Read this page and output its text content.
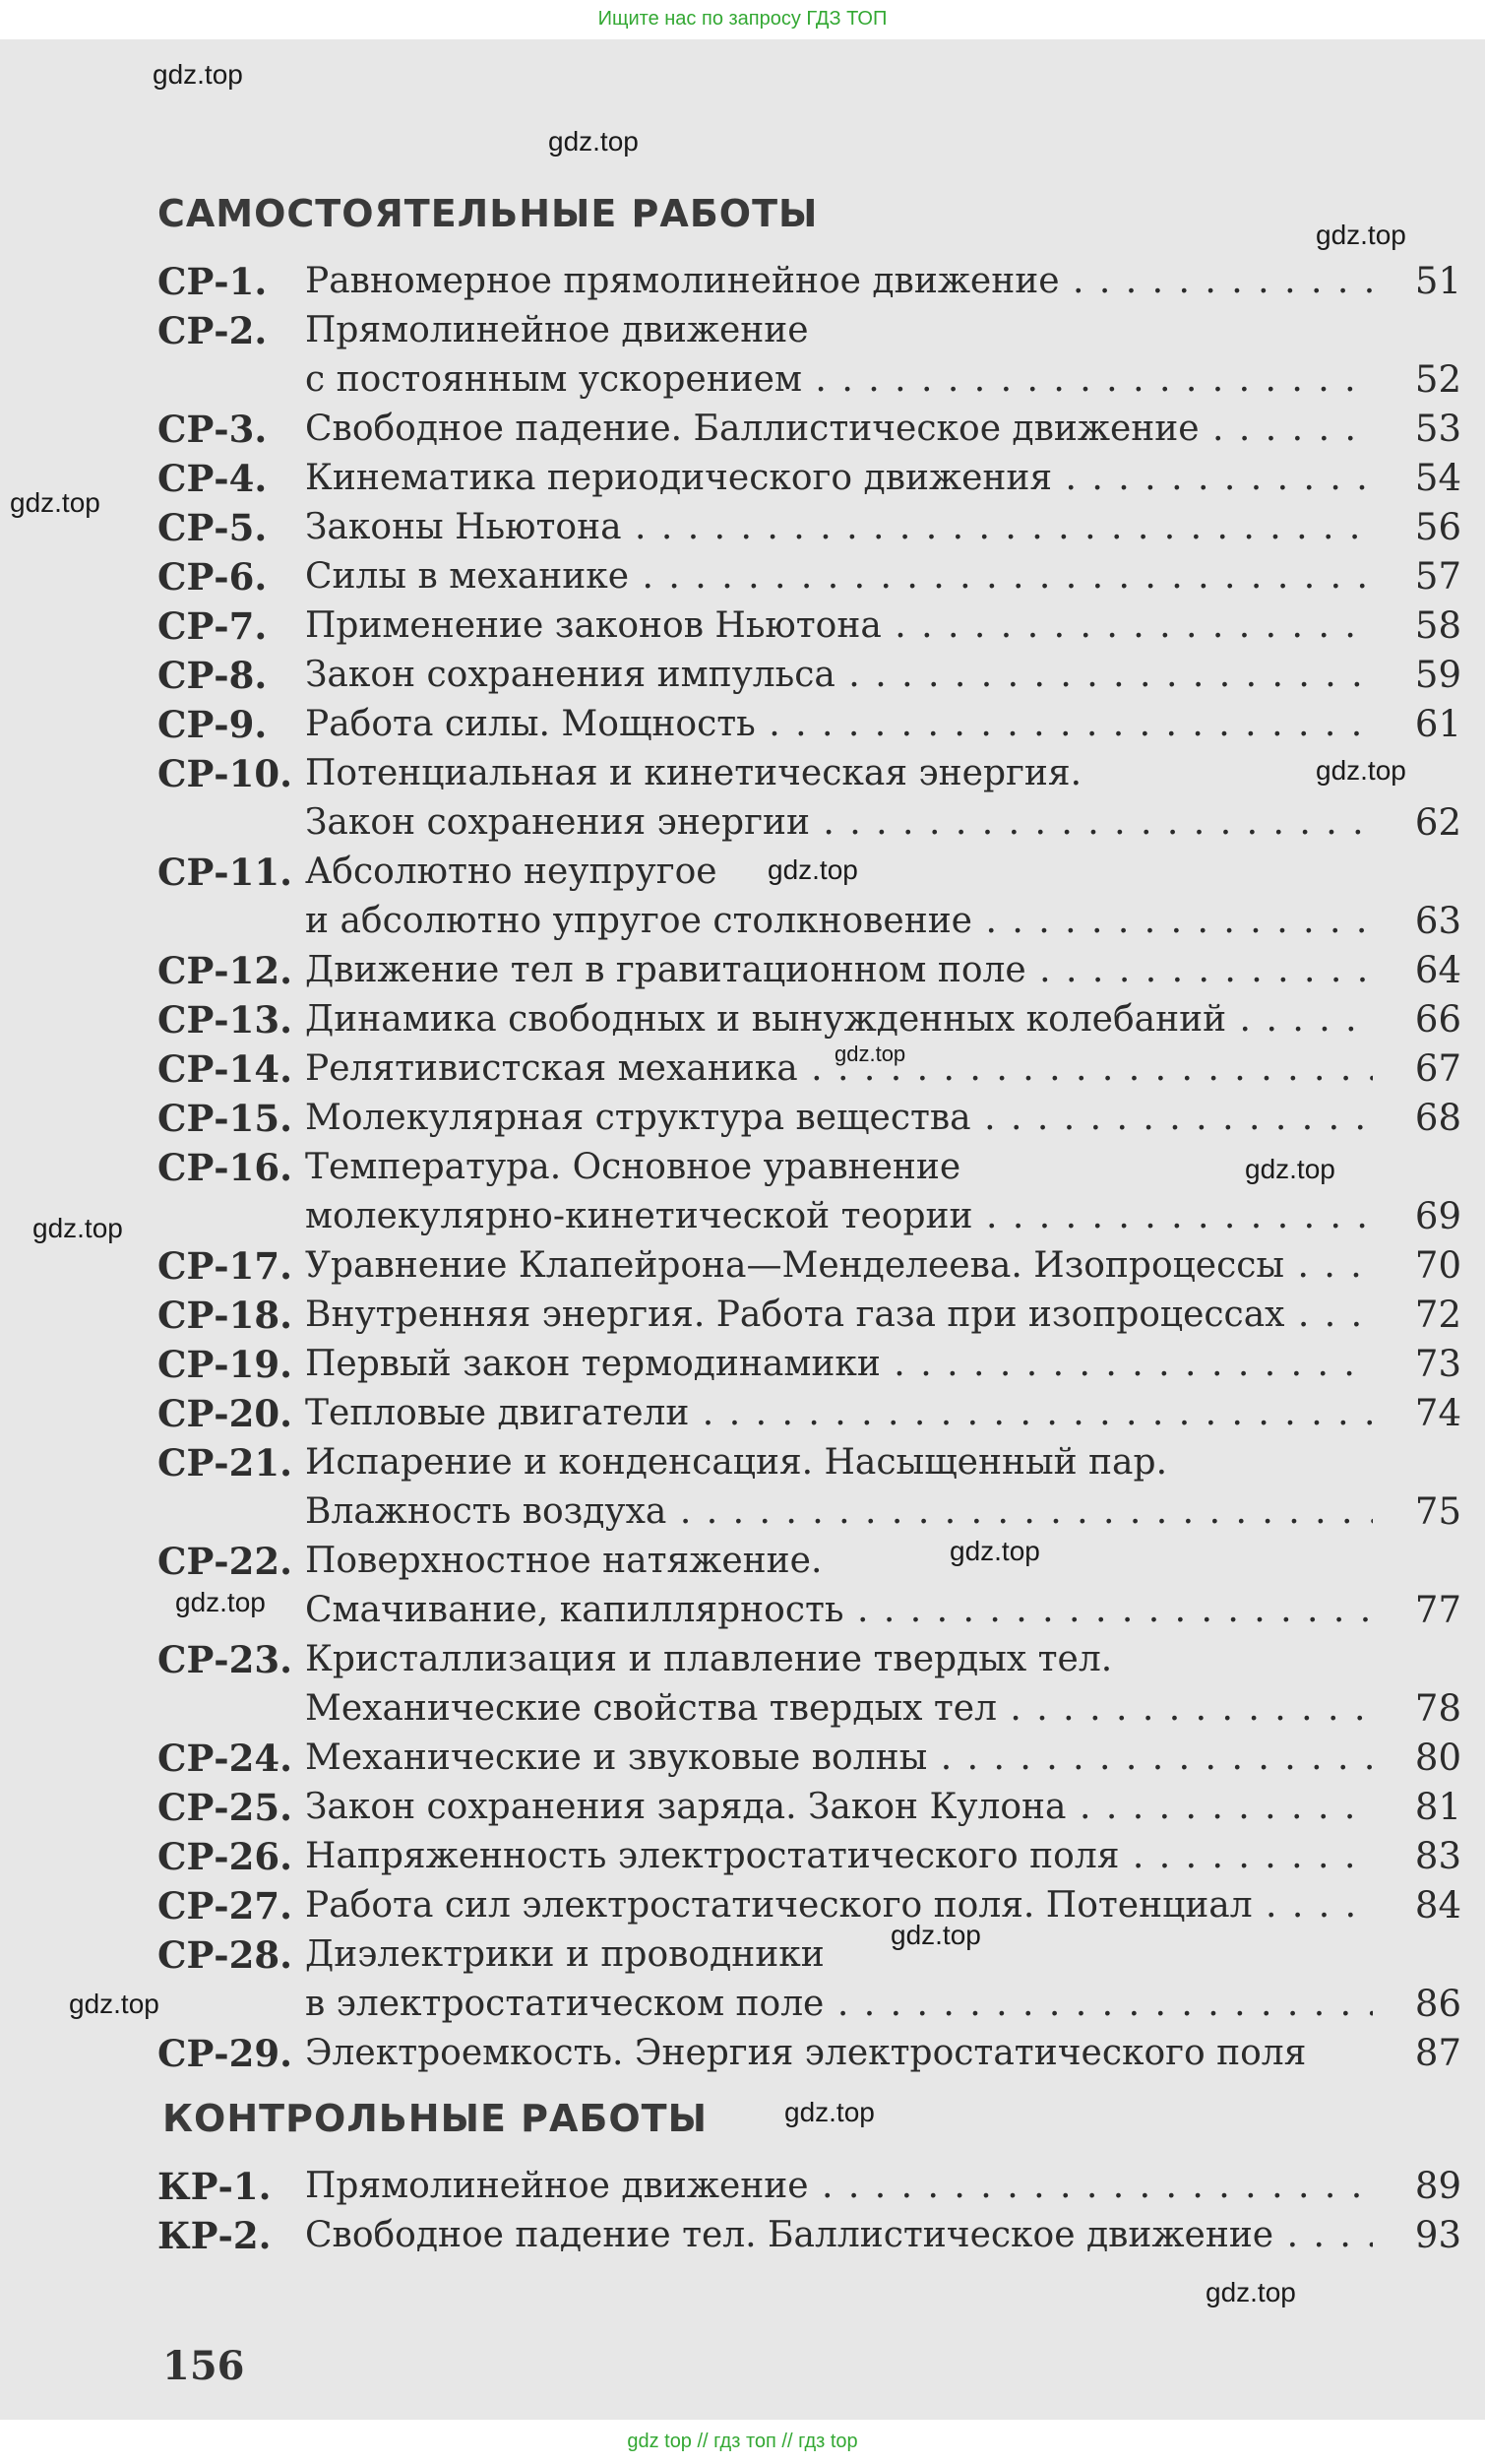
Ищите нас по запросу ГДЗ ТОП
САМОСТОЯТЕЛЬНЫЕ РАБОТЫ
СР-1. Равномерное прямолинейное движение . . .	51
СР-2. Прямолинейное движение
с постоянным ускорением . . .	52
СР-3. Свободное падение. Баллистическое движение . . .	53
СР-4. Кинематика периодического движения . . .	54
СР-5. Законы Ньютона . . .	56
СР-6. Силы в механике . . .	57
СР-7. Применение законов Ньютона . . .	58
СР-8. Закон сохранения импульса . . .	59
СР-9. Работа силы. Мощность . . .	61
СР-10. Потенциальная и кинетическая энергия.
Закон сохранения энергии . . .	62
СР-11. Абсолютно неупругое
и абсолютно упругое столкновение . . .	63
СР-12. Движение тел в гравитационном поле . . .	64
СР-13. Динамика свободных и вынужденных колебаний . . .	66
СР-14. Релятивистская механика . . .	67
СР-15. Молекулярная структура вещества . . .	68
СР-16. Температура. Основное уравнение
молекулярно-кинетической теории . . .	69
СР-17. Уравнение Клапейрона—Менделеева. Изопроцессы . . .	70
СР-18. Внутренняя энергия. Работа газа при изопроцессах . . .	72
СР-19. Первый закон термодинамики . . .	73
СР-20. Тепловые двигатели . . .	74
СР-21. Испарение и конденсация. Насыщенный пар.
Влажность воздуха . . .	75
СР-22. Поверхностное натяжение.
Смачивание, капиллярность . . .	77
СР-23. Кристаллизация и плавление твердых тел.
Механические свойства твердых тел . . .	78
СР-24. Механические и звуковые волны . . .	80
СР-25. Закон сохранения заряда. Закон Кулона . . .	81
СР-26. Напряженность электростатического поля . . .	83
СР-27. Работа сил электростатического поля. Потенциал . . .	84
СР-28. Диэлектрики и проводники
в электростатическом поле . . .	86
СР-29. Электроемкость. Энергия электростатического поля	87
КОНТРОЛЬНЫЕ РАБОТЫ
КР-1. Прямолинейное движение . . .	89
КР-2. Свободное падение тел. Баллистическое движение . . .	93
156
gdz.top
gdz.top
gdz.top
gdz.top
gdz.top
gdz.top
gdz.top
gdz.top
gdz.top
gdz.top
gdz.top
gdz.top
gdz.top
gdz.top
gdz.top
gdz top // гдз топ // гдз top
